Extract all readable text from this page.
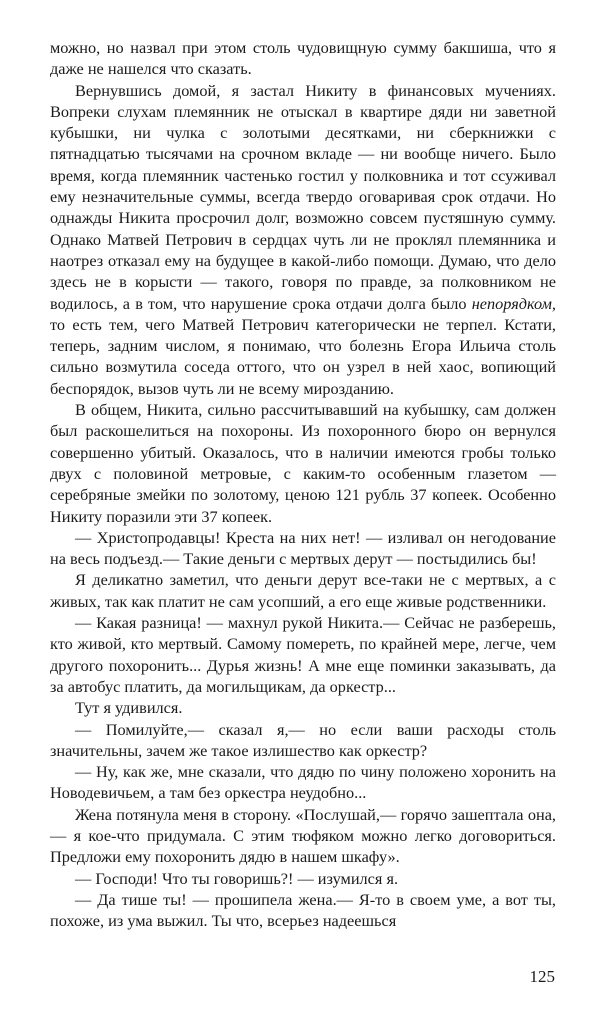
можно, но назвал при этом столь чудовищную сумму бакшиша, что я даже не нашелся что сказать.

Вернувшись домой, я застал Никиту в финансовых мучениях. Вопреки слухам племянник не отыскал в квартире дяди ни заветной кубышки, ни чулка с золотыми десятками, ни сберкнижки с пятнадцатью тысячами на срочном вкладе — ни вообще ничего. Было время, когда племянник частенько гостил у полковника и тот ссуживал ему незначительные суммы, всегда твердо оговаривая срок отдачи. Но однажды Никита просрочил долг, возможно совсем пустяшную сумму. Однако Матвей Петрович в сердцах чуть ли не проклял племянника и наотрез отказал ему на будущее в какой-либо помощи. Думаю, что дело здесь не в корысти — такого, говоря по правде, за полковником не водилось, а в том, что нарушение срока отдачи долга было непорядком, то есть тем, чего Матвей Петрович категорически не терпел. Кстати, теперь, задним числом, я понимаю, что болезнь Егора Ильича столь сильно возмутила соседа оттого, что он узрел в ней хаос, вопиющий беспорядок, вызов чуть ли не всему мирозданию.

В общем, Никита, сильно рассчитывавший на кубышку, сам должен был раскошелиться на похороны. Из похоронного бюро он вернулся совершенно убитый. Оказалось, что в наличии имеются гробы только двух с половиной метровые, с каким-то особенным глазетом — серебряные змейки по золотому, ценою 121 рубль 37 копеек. Особенно Никиту поразили эти 37 копеек.

— Христопродавцы! Креста на них нет! — изливал он негодование на весь подъезд.— Такие деньги с мертвых дерут — постыдились бы!

Я деликатно заметил, что деньги дерут все-таки не с мертвых, а с живых, так как платит не сам усопший, а его еще живые родственники.

— Какая разница! — махнул рукой Никита.— Сейчас не разберешь, кто живой, кто мертвый. Самому помереть, по крайней мере, легче, чем другого похоронить... Дурья жизнь! А мне еще поминки заказывать, да за автобус платить, да могильщикам, да оркестр...

Тут я удивился.

— Помилуйте,— сказал я,— но если ваши расходы столь значительны, зачем же такое излишество как оркестр?

— Ну, как же, мне сказали, что дядю по чину положено хоронить на Новодевичьем, а там без оркестра неудобно...

Жена потянула меня в сторону. «Послушай,— горячо зашептала она,— я кое-что придумала. С этим тюфяком можно легко договориться. Предложи ему похоронить дядю в нашем шкафу».

— Господи! Что ты говоришь?! — изумился я.

— Да тише ты! — прошипела жена.— Я-то в своем уме, а вот ты, похоже, из ума выжил. Ты что, всерьез надеешься

125
